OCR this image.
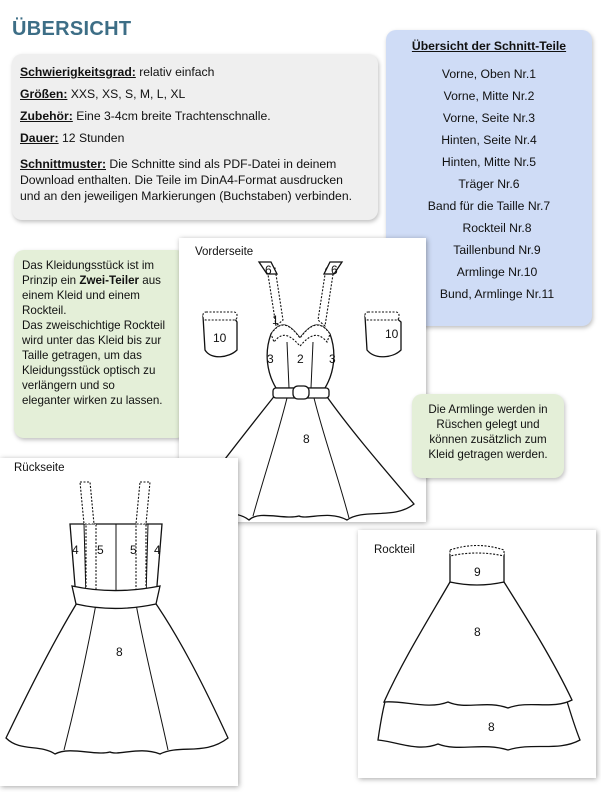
ÜBERSICHT
Schwierigkeitsgrad: relativ einfach
Größen: XXS, XS, S, M, L, XL
Zubehör: Eine 3-4cm breite Trachtenschnalle.
Dauer: 12 Stunden
Schnittmuster: Die Schnitte sind als PDF-Datei in deinem
Download enthalten. Die Teile im DinA4-Format ausdrucken
und an den jeweiligen Markierungen (Buchstaben) verbinden.
Übersicht der Schnitt-Teile
Vorne, Oben Nr.1
Vorne, Mitte Nr.2
Vorne, Seite Nr.3
Hinten, Seite Nr.4
Hinten, Mitte Nr.5
Träger Nr.6
Band für die Taille Nr.7
Rockteil Nr.8
Taillenbund Nr.9
Armlinge Nr.10
Bund, Armlinge Nr.11
Das Kleidungsstück ist im
Prinzip ein Zwei-Teiler aus
einem Kleid und einem
Rockteil.
Das zweischichtige Rockteil
wird unter das Kleid bis zur
Taille getragen, um das
Kleidungsstück optisch zu
verlängern und so
eleganter wirken zu lassen.
Vorderseite
6	6
1
2
3	3
10	10
8
Die Armlinge werden in
Rüschen gelegt und
können zusätzlich zum
Kleid getragen werden.
Rückseite
4 5 5 4
8
Rockteil
9
8
8
